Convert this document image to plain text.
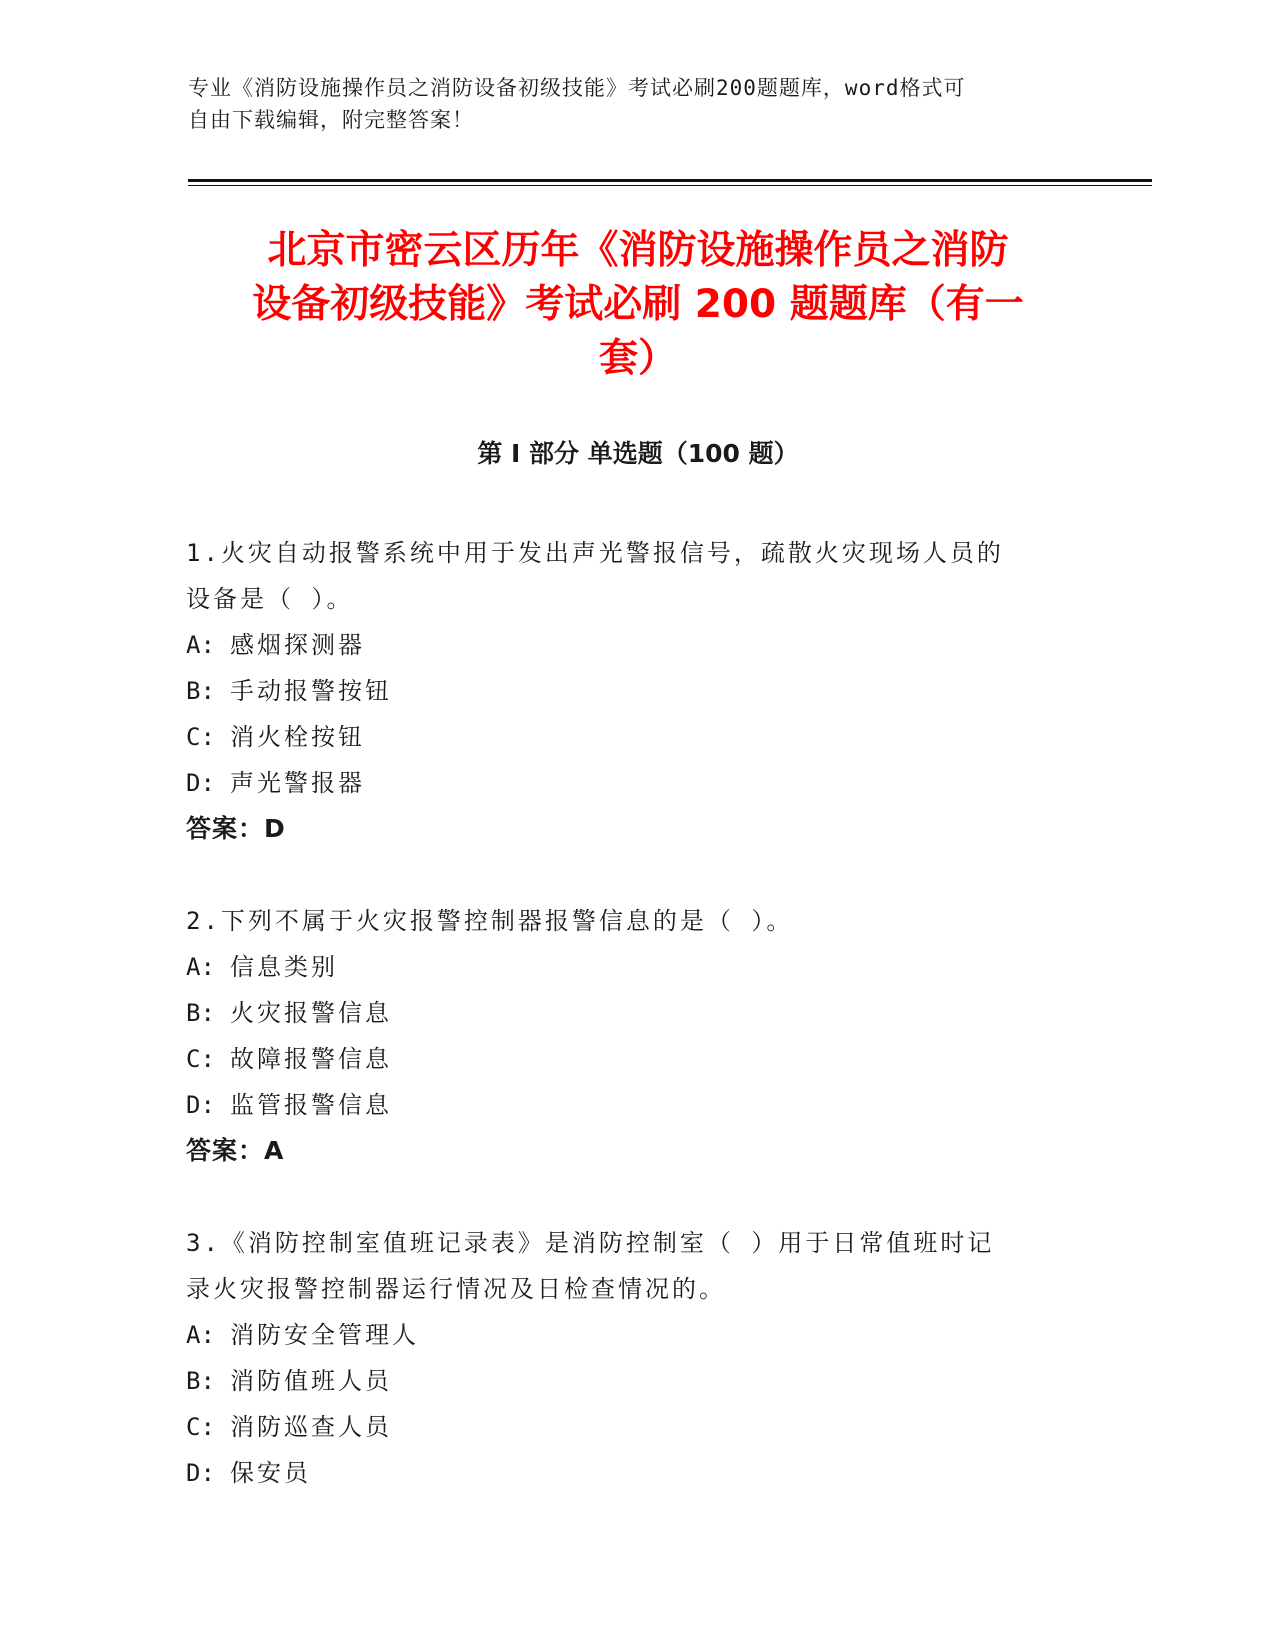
专业《消防设施操作员之消防设备初级技能》考试必刷200题题库，word格式可
自由下载编辑，附完整答案！
北京市密云区历年《消防设施操作员之消防
设备初级技能》考试必刷 200 题题库（有一
套）
第 I 部分 单选题（100 题）
1.火灾自动报警系统中用于发出声光警报信号，疏散火灾现场人员的
设备是（ ）。
A: 感烟探测器
B: 手动报警按钮
C: 消火栓按钮
D: 声光警报器
答案：D
2.下列不属于火灾报警控制器报警信息的是（ ）。
A: 信息类别
B: 火灾报警信息
C: 故障报警信息
D: 监管报警信息
答案：A
3.《消防控制室值班记录表》是消防控制室（ ）用于日常值班时记
录火灾报警控制器运行情况及日检查情况的。
A: 消防安全管理人
B: 消防值班人员
C: 消防巡查人员
D: 保安员
